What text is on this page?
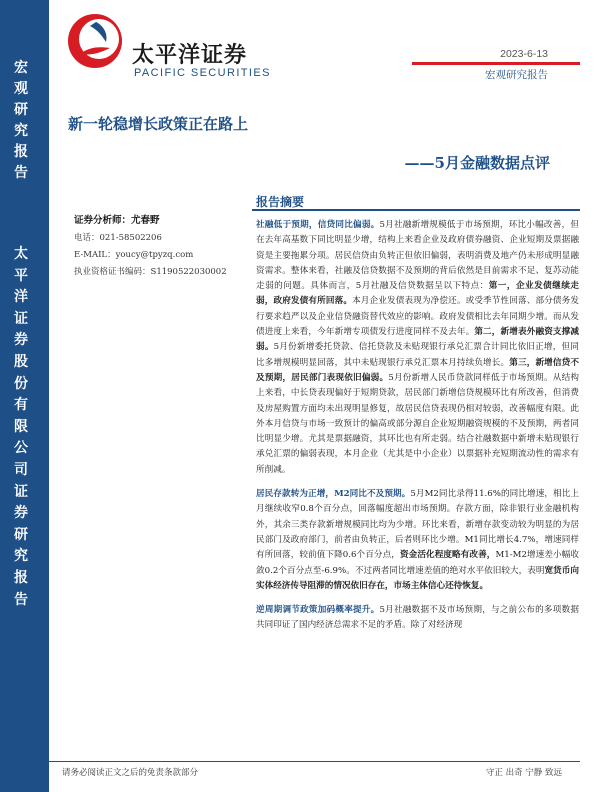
宏观研究报告
太平洋证券股份有限公司证券研究报告
太平洋证券
PACIFIC SECURITIES
2023-6-13
宏观研究报告
新一轮稳增长政策正在路上
——5月金融数据点评
证券分析师：尤春野
电话：021-58502206
E-MAIL：youcy@tpyzq.com
执业资格证书编码：S1190522030002
报告摘要

社融低于预期，信贷同比偏弱。5月社融新增规模低于市场预期，环比小幅改善，但在去年高基数下同比明显少增，结构上来看企业及政府债券融资、企业短期及票据融资是主要拖累分项。居民信贷由负转正但依旧偏弱，表明消费及地产仍未形成明显融资需求。整体来看，社融及信贷数据不及预期的背后依然是目前需求不足、复苏动能走弱的问题。具体而言，5月社融及信贷数据呈以下特点：第一，企业发债继续走弱，政府发债有所回落。本月企业发债表现为净偿还。或受季节性回落、部分债务发行要求趋严以及企业信贷融资替代效应的影响。政府发债相比去年同期少增。而从发债进度上来看，今年新增专项债发行进度同样不及去年。第二，新增表外融资支撑减弱。5月份新增委托贷款、信托贷款及未贴现银行承兑汇票合计同比依旧正增，但同比多增规模明显回落，其中未贴现银行承兑汇票本月持续负增长。第三，新增信贷不及预期，居民部门表现依旧偏弱。5月份新增人民币贷款同样低于市场预期。从结构上来看，中长贷表现偏好于短期贷款，居民部门新增信贷规模环比有所改善，但消费及房屋购置方面均未出现明显修复，故居民信贷表现仍相对较弱，改善幅度有限。此外本月信贷与市场一致预计的偏高或部分源自企业短期融资规模的不及预期，两者同比明显少增。尤其是票据融资，其环比也有所走弱。结合社融数据中新增未贴现银行承兑汇票的偏弱表现，本月企业（尤其是中小企业）以票据补充短期流动性的需求有所削减。

居民存款转为正增，M2同比不及预期。5月M2同比录得11.6%的同比增速，相比上月继续收窄0.8个百分点，回落幅度超出市场预期。存款方面，除非银行业金融机构外，其余三类存款新增规模同比均为少增。环比来看，新增存款变动较为明显的为居民部门及政府部门，前者由负转正，后者则环比少增。M1同比增长4.7%，增速同样有所回落，较前值下降0.6个百分点，资金活化程度略有改善，M1-M2增速差小幅收敛0.2个百分点至-6.9%。不过两者同比增速差值的绝对水平依旧较大，表明宽货币向实体经济传导阻滞的情况依旧存在，市场主体信心还待恢复。

逆周期调节政策加码概率提升。5月社融数据不及市场预期，与之前公布的多项数据共同印证了国内经济总需求不足的矛盾。除了对经济现

请务必阅读正文之后的免责条款部分	守正 出奇 宁静 致远
